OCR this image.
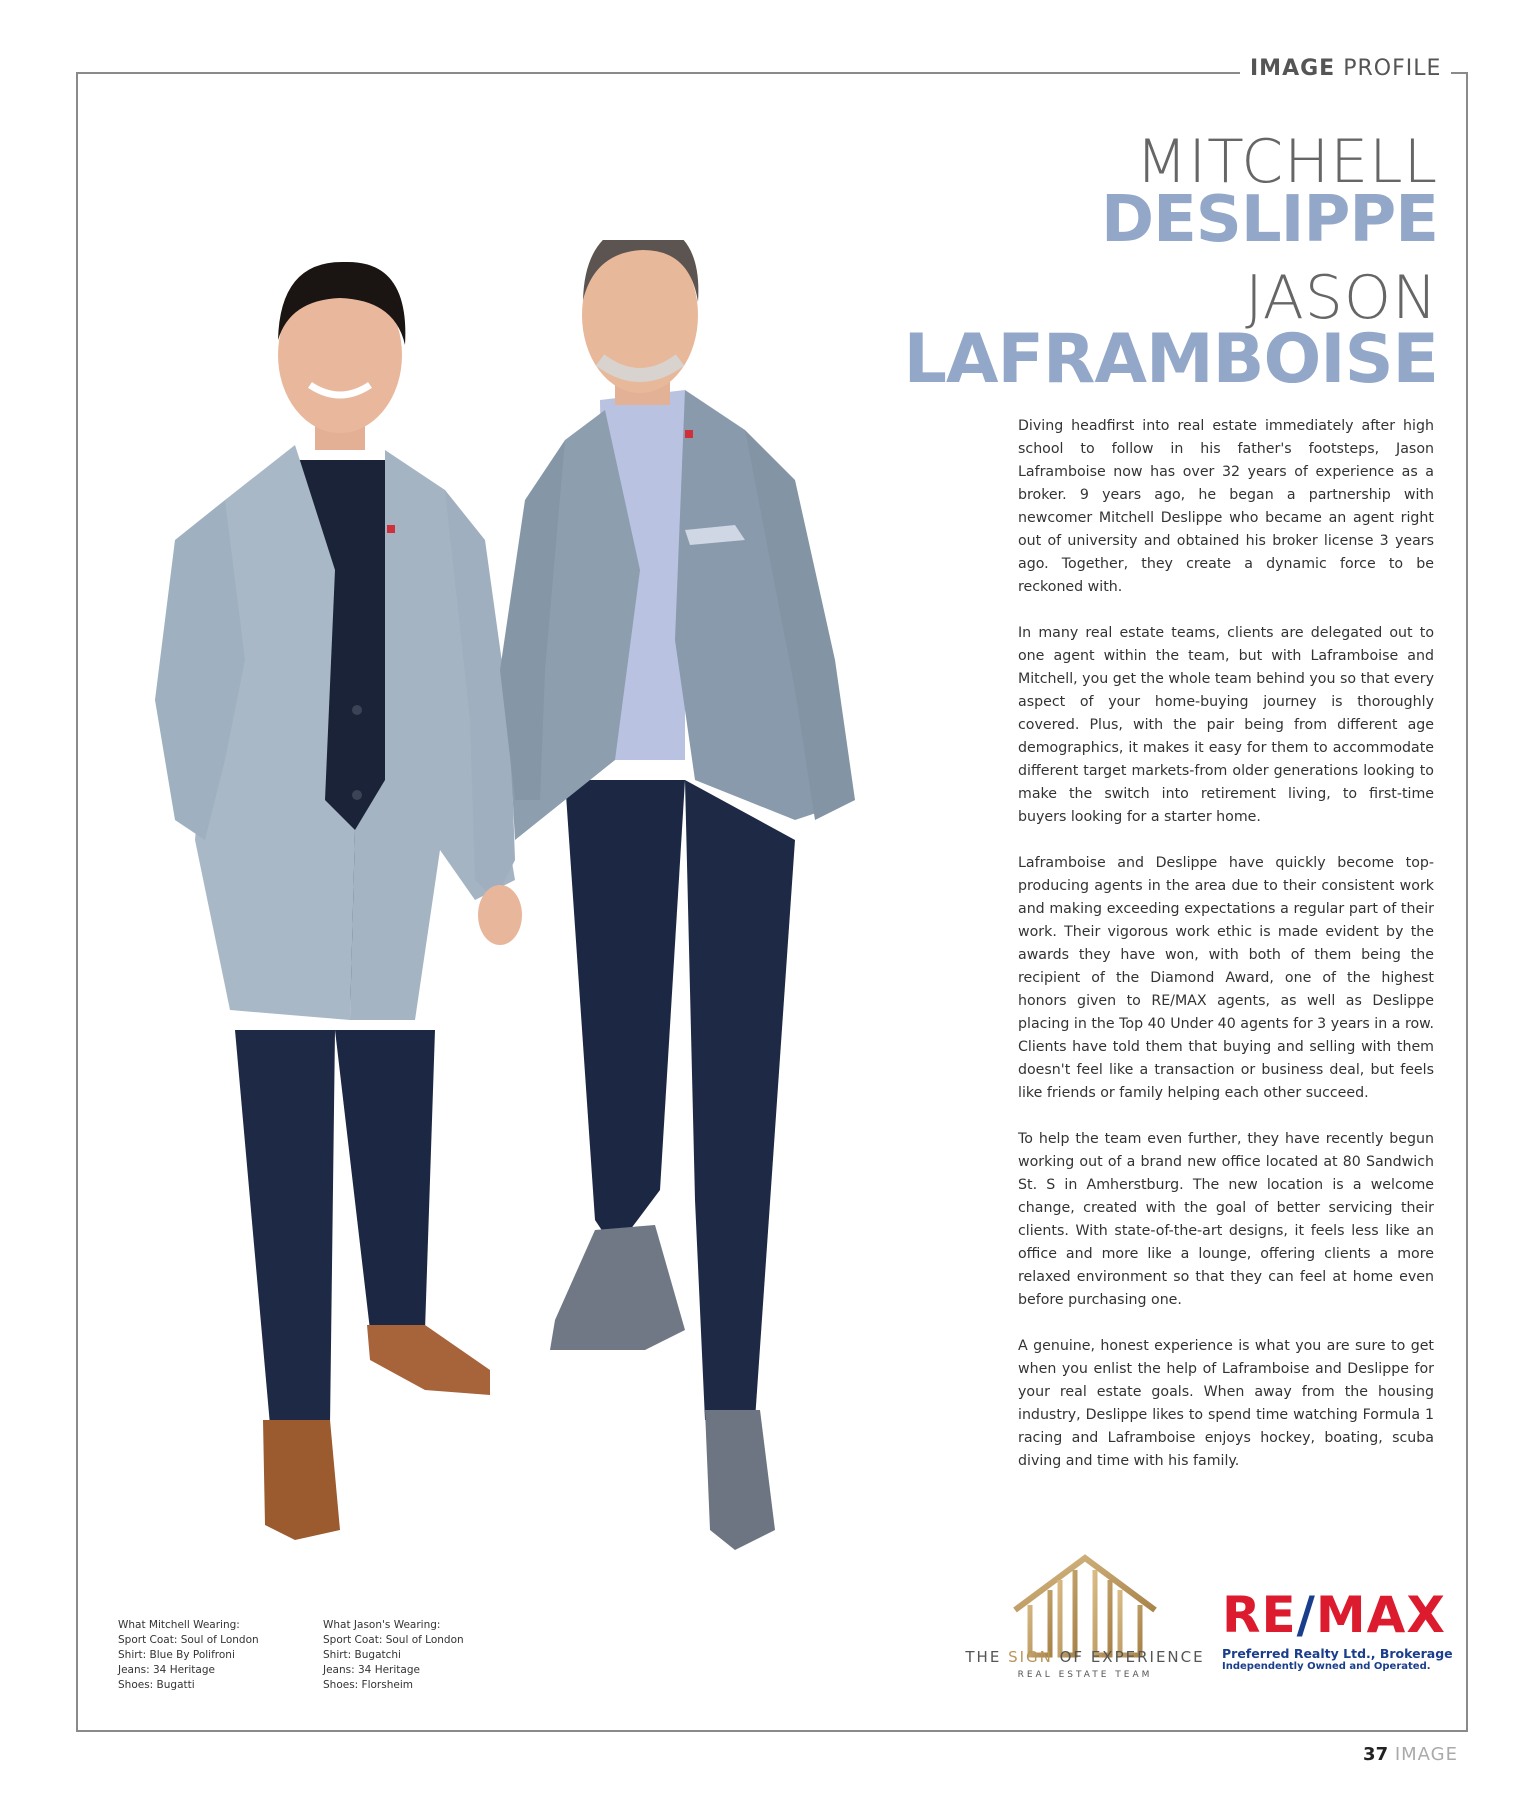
IMAGE PROFILE
MITCHELL
DESLIPPE
JASON
LAFRAMBOISE

Diving headfirst into real estate immediately after high school to follow in his father's footsteps, Jason Laframboise now has over 32 years of experience as a broker. 9 years ago, he began a partnership with newcomer Mitchell Deslippe who became an agent right out of university and obtained his broker license 3 years ago. Together, they create a dynamic force to be reckoned with.

In many real estate teams, clients are delegated out to one agent within the team, but with Laframboise and Mitchell, you get the whole team behind you so that every aspect of your home-buying journey is thoroughly covered. Plus, with the pair being from different age demographics, it makes it easy for them to accommodate different target markets-from older generations looking to make the switch into retirement living, to first-time buyers looking for a starter home.

Laframboise and Deslippe have quickly become top-producing agents in the area due to their consistent work and making exceeding expectations a regular part of their work. Their vigorous work ethic is made evident by the awards they have won, with both of them being the recipient of the Diamond Award, one of the highest honors given to RE/MAX agents, as well as Deslippe placing in the Top 40 Under 40 agents for 3 years in a row. Clients have told them that buying and selling with them doesn't feel like a transaction or business deal, but feels like friends or family helping each other succeed.

To help the team even further, they have recently begun working out of a brand new office located at 80 Sandwich St. S in Amherstburg. The new location is a welcome change, created with the goal of better servicing their clients. With state-of-the-art designs, it feels less like an office and more like a lounge, offering clients a more relaxed environment so that they can feel at home even before purchasing one.

A genuine, honest experience is what you are sure to get when you enlist the help of Laframboise and Deslippe for your real estate goals. When away from the housing industry, Deslippe likes to spend time watching Formula 1 racing and Laframboise enjoys hockey, boating, scuba diving and time with his family.

What Mitchell Wearing:
Sport Coat: Soul of London
Shirt: Blue By Polifroni
Jeans: 34 Heritage
Shoes: Bugatti
What Jason's Wearing:
Sport Coat: Soul of London
Shirt: Bugatchi
Jeans: 34 Heritage
Shoes: Florsheim
THE SIGN OF EXPERIENCE
REAL ESTATE TEAM
RE/MAX
Preferred Realty Ltd., Brokerage
Independently Owned and Operated.
37 IMAGE
